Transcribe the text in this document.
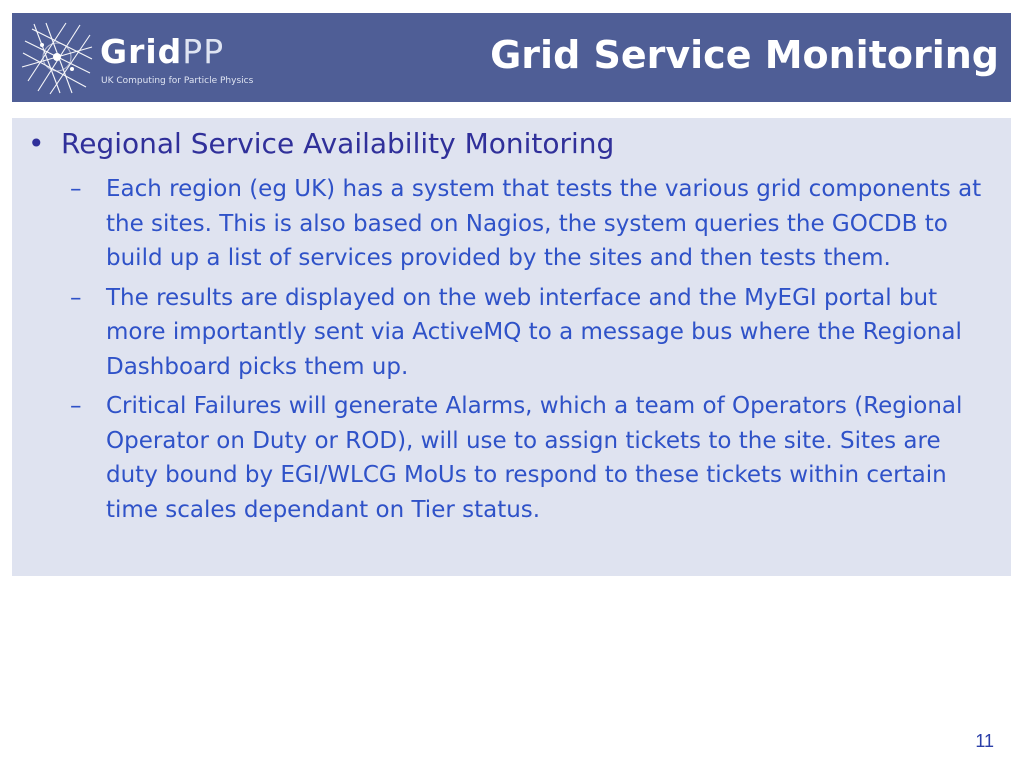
GridPP
UK Computing for Particle Physics
Grid Service Monitoring
• Regional Service Availability Monitoring
–	Each region (eg UK) has a system that tests the various grid components at the sites. This is also based on Nagios, the system queries the GOCDB to build up a list of services provided by the sites and then tests them.
–	The results are displayed on the web interface and the MyEGI portal but more importantly sent via ActiveMQ to a message bus where the Regional Dashboard picks them up.
–	Critical Failures will generate Alarms, which a team of Operators (Regional Operator on Duty or ROD), will use to assign tickets to the site. Sites are duty bound by EGI/WLCG MoUs to respond to these tickets within certain time scales dependant on Tier status.
11
